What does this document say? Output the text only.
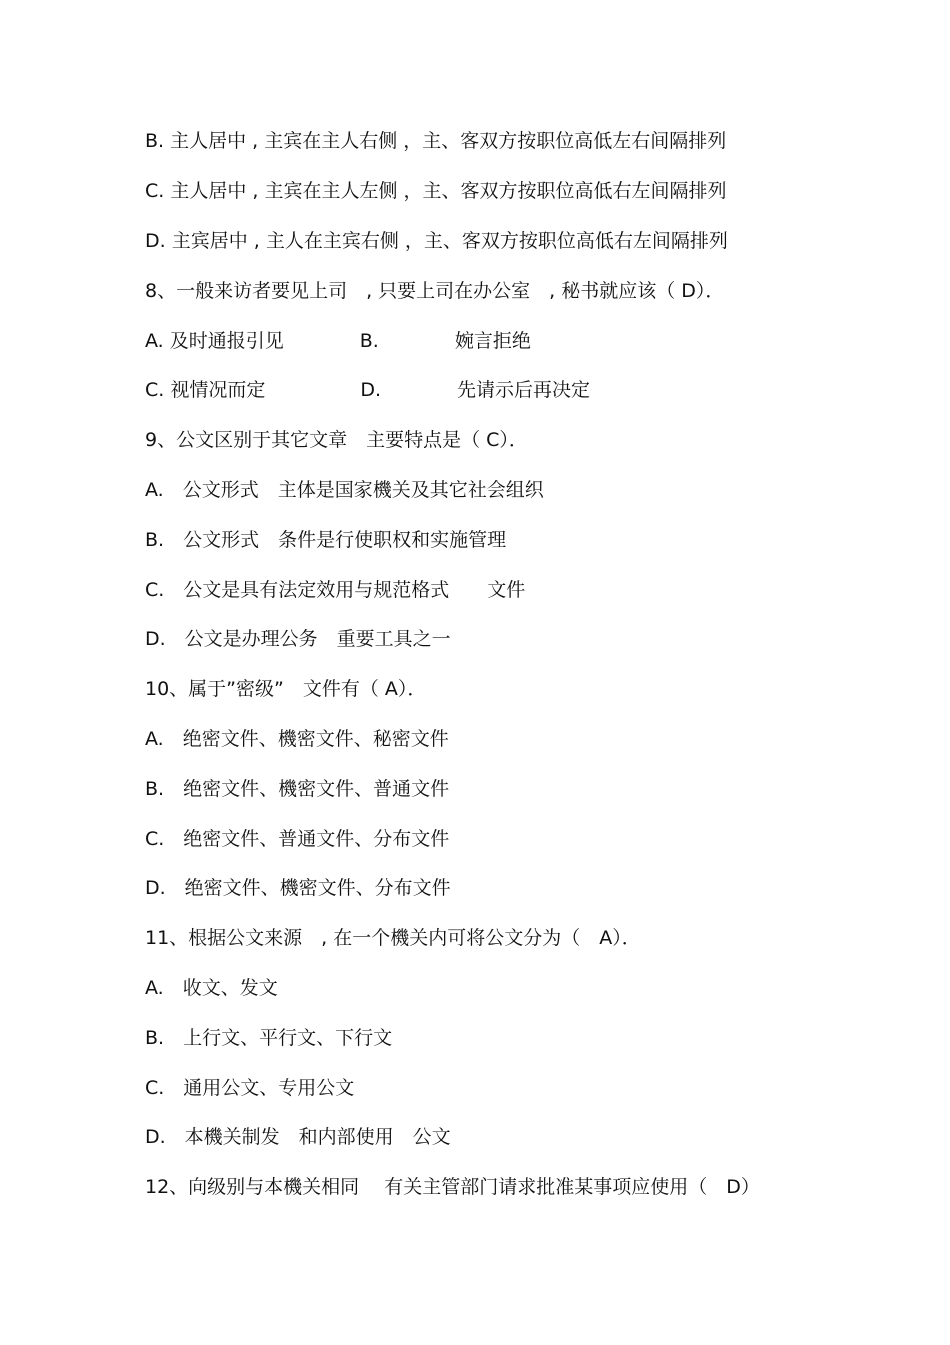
B. 主人居中 , 主宾在主人右侧 ，主、客双方按职位高低左右间隔排列
C. 主人居中 , 主宾在主人左侧 ，主、客双方按职位高低右左间隔排列
D. 主宾居中 , 主人在主宾右侧 ，主、客双方按职位高低右左间隔排列
8、一般来访者要见上司　, 只要上司在办公室　, 秘书就应该（ D）．
A. 及时通报引见　　　　B.　　　　婉言拒绝
C. 视情况而定　　　　　D.　　　　先请示后再决定
9、公文区别于其它文章　主要特点是（ C）．
A.　公文形式　主体是国家機关及其它社会组织
B.　公文形式　条件是行使职权和实施管理
C.　公文是具有法定效用与规范格式　　文件
D.　公文是办理公务　重要工具之一
10、属于”密级”　文件有（ A）．
A.　绝密文件、機密文件、秘密文件
B.　绝密文件、機密文件、普通文件
C.　绝密文件、普通文件、分布文件
D.　绝密文件、機密文件、分布文件
11、根据公文来源　, 在一个機关内可将公文分为（　A）．
A.　收文、发文
B.　上行文、平行文、下行文
C.　通用公文、专用公文
D.　本機关制发　和内部使用　公文
12、向级别与本機关相同　 有关主管部门请求批准某事项应使用（　D）
